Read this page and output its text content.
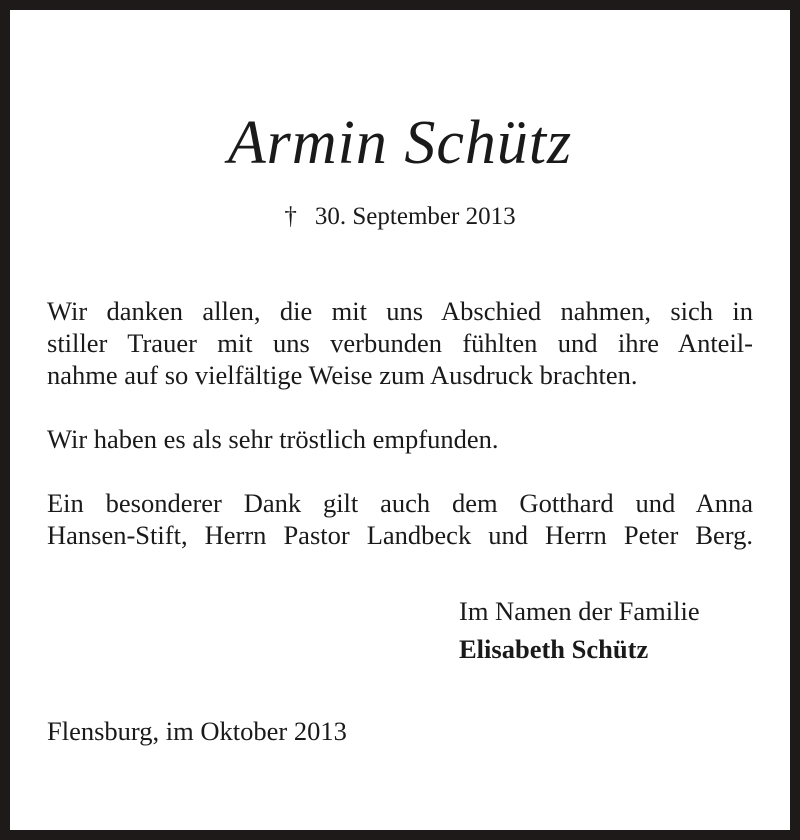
Armin Schütz
† 30. September 2013
Wir danken allen, die mit uns Abschied nahmen, sich in
stiller Trauer mit uns verbunden fühlten und ihre Anteil-
nahme auf so vielfältige Weise zum Ausdruck brachten.
Wir haben es als sehr tröstlich empfunden.
Ein besonderer Dank gilt auch dem Gotthard und Anna
Hansen-Stift, Herrn Pastor Landbeck und Herrn Peter Berg.
Im Namen der Familie
Elisabeth Schütz
Flensburg, im Oktober 2013
